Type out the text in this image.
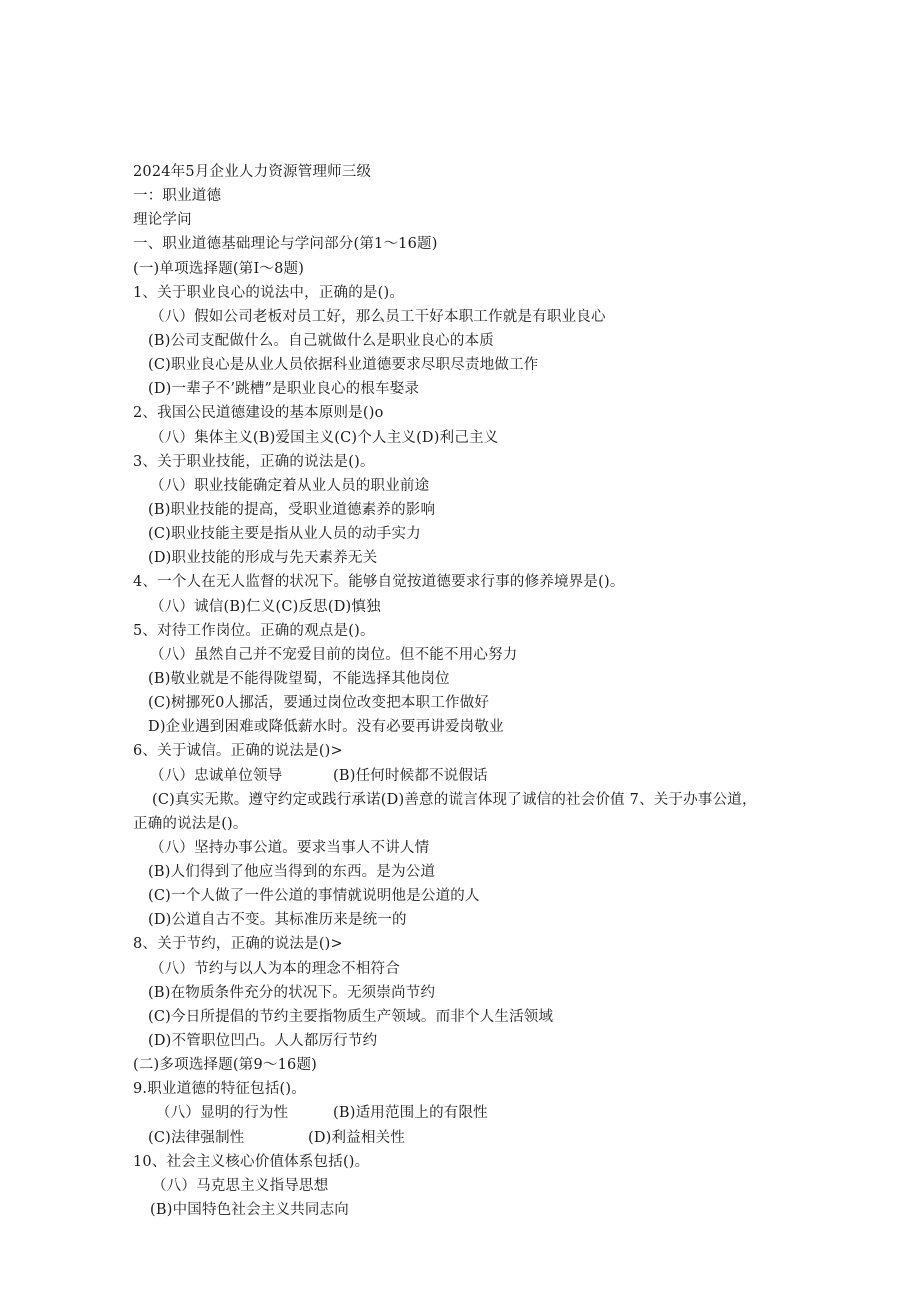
2024年5月企业人力资源管理师三级
一：职业道德
理论学问
一、职业道德基础理论与学问部分(第1～16题)
(一)单项选择题(第I～8题)
1、关于职业良心的说法中，正确的是()。
（八）假如公司老板对员工好，那么员工干好本职工作就是有职业良心
(B)公司支配做什么。自己就做什么是职业良心的本质
(C)职业良心是从业人员依据科业道德要求尽职尽责地做工作
(D)一辈子不’跳槽”是职业良心的根车娶录
2、我国公民道德建设的基本原则是()o
（八）集体主义(B)爱国主义(C)个人主义(D)利己主义
3、关于职业技能，正确的说法是()。
（八）职业技能确定着从业人员的职业前途
(B)职业技能的提高，受职业道德素养的影响
(C)职业技能主要是指从业人员的动手实力
(D)职业技能的形成与先天素养无关
4、一个人在无人监督的状况下。能够自觉按道德要求行事的修养境界是()。
（八）诚信(B)仁义(C)反思(D)慎独
5、对待工作岗位。正确的观点是()。
（八）虽然自己并不宠爱目前的岗位。但不能不用心努力
(B)敬业就是不能得陇望蜀，不能选择其他岗位
(C)树挪死0人挪活，要通过岗位改变把本职工作做好
D)企业遇到困难或降低薪水时。没有必要再讲爱岗敬业
6、关于诚信。正确的说法是()>
（八）忠诚单位领导	(B)任何时候都不说假话
(C)真实无欺。遵守约定或践行承诺(D)善意的谎言体现了诚信的社会价值 7、关于办事公道，
正确的说法是()。
（八）坚持办事公道。要求当事人不讲人情
(B)人们得到了他应当得到的东西。是为公道
(C)一个人做了一件公道的事情就说明他是公道的人
(D)公道自古不变。其标准历来是统一的
8、关于节约，正确的说法是()>
（八）节约与以人为本的理念不相符合
(B)在物质条件充分的状况下。无须崇尚节约
(C)今日所提倡的节约主要指物质生产领域。而非个人生活领域
(D)不管职位凹凸。人人都厉行节约
(二)多项选择题(第9～16题)
9.职业道德的特征包括()。
（八）显明的行为性	(B)适用范围上的有限性
(C)法律强制性	(D)利益相关性
10、社会主义核心价值体系包括()。
（八）马克思主义指导思想
(B)中国特色社会主义共同志向
